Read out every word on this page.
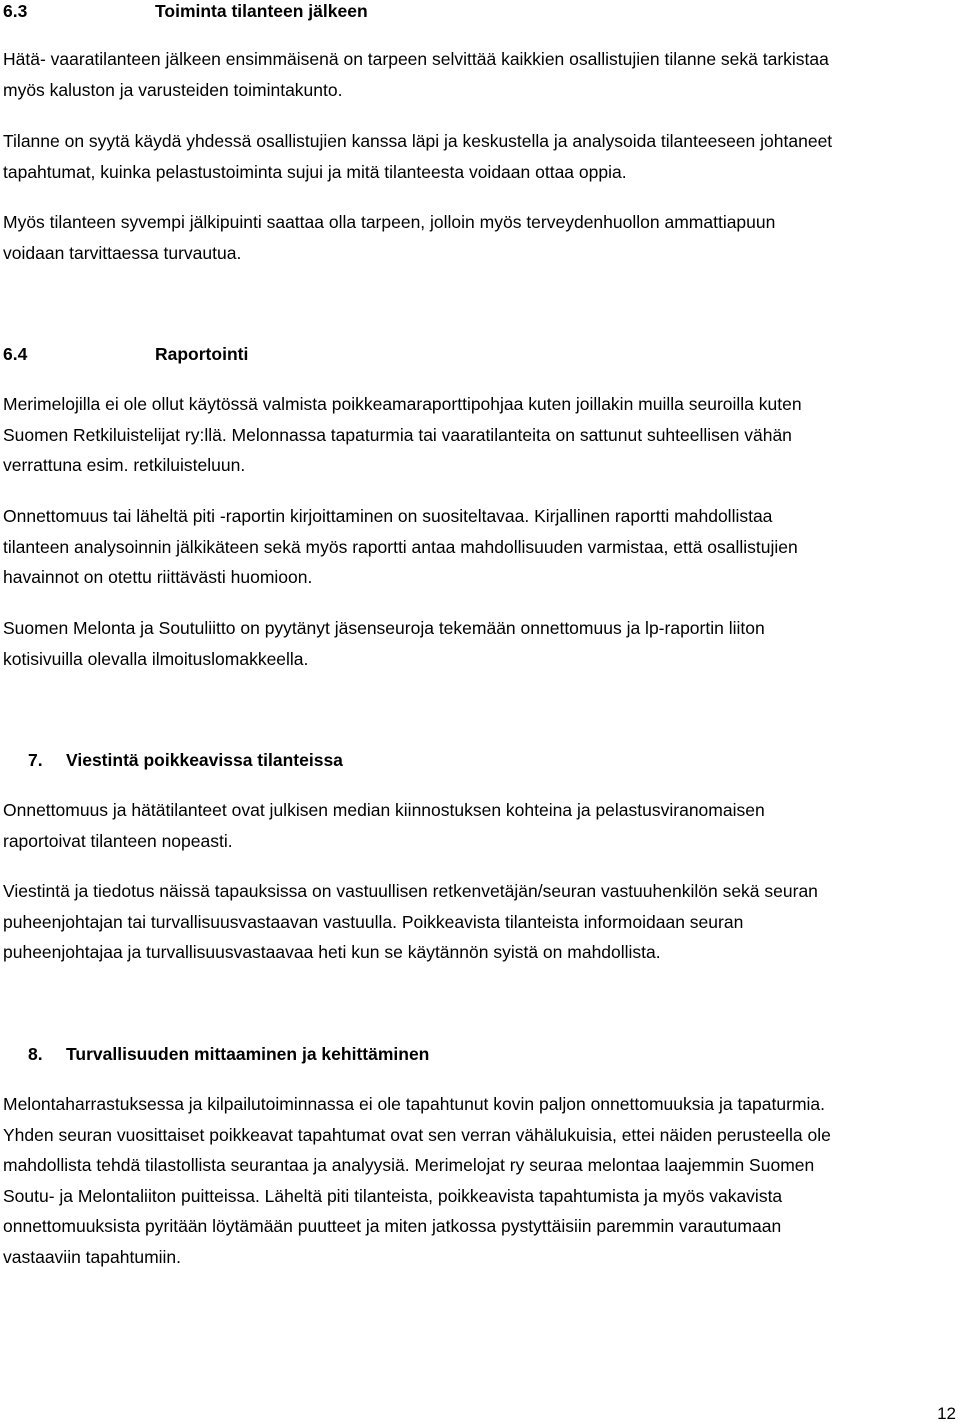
6.3	Toiminta tilanteen jälkeen
Hätä- vaaratilanteen jälkeen ensimmäisenä on tarpeen selvittää kaikkien osallistujien tilanne sekä tarkistaa
myös kaluston ja varusteiden toimintakunto.
Tilanne on syytä käydä yhdessä osallistujien kanssa läpi ja keskustella ja analysoida tilanteeseen johtaneet
tapahtumat, kuinka pelastustoiminta sujui ja mitä tilanteesta voidaan ottaa oppia.
Myös tilanteen syvempi jälkipuinti saattaa olla tarpeen, jolloin myös terveydenhuollon ammattiapuun
voidaan tarvittaessa turvautua.
6.4	Raportointi
Merimelojilla ei ole ollut käytössä valmista poikkeamaraporttipohjaa kuten joillakin muilla seuroilla kuten
Suomen Retkiluistelijat ry:llä. Melonnassa tapaturmia tai vaaratilanteita on sattunut suhteellisen vähän
verrattuna esim. retkiluisteluun.
Onnettomuus tai läheltä piti -raportin kirjoittaminen on suositeltavaa. Kirjallinen raportti mahdollistaa
tilanteen analysoinnin jälkikäteen sekä myös raportti antaa mahdollisuuden varmistaa, että osallistujien
havainnot on otettu riittävästi huomioon.
Suomen Melonta ja Soutuliitto on pyytänyt jäsenseuroja tekemään onnettomuus ja lp-raportin liiton
kotisivuilla olevalla ilmoituslomakkeella.
7. Viestintä poikkeavissa tilanteissa
Onnettomuus ja hätätilanteet ovat julkisen median kiinnostuksen kohteina ja pelastusviranomaisen
raportoivat tilanteen nopeasti.
Viestintä ja tiedotus näissä tapauksissa on vastuullisen retkenvetäjän/seuran vastuuhenkilön sekä seuran
puheenjohtajan tai turvallisuusvastaavan vastuulla. Poikkeavista tilanteista informoidaan seuran
puheenjohtajaa ja turvallisuusvastaavaa heti kun se käytännön syistä on mahdollista.
8. Turvallisuuden mittaaminen ja kehittäminen
Melontaharrastuksessa ja kilpailutoiminnassa ei ole tapahtunut kovin paljon onnettomuuksia ja tapaturmia.
Yhden seuran vuosittaiset poikkeavat tapahtumat ovat sen verran vähälukuisia, ettei näiden perusteella ole
mahdollista tehdä tilastollista seurantaa ja analyysiä. Merimelojat ry seuraa melontaa laajemmin Suomen
Soutu- ja Melontaliiton puitteissa. Läheltä piti tilanteista, poikkeavista tapahtumista ja myös vakavista
onnettomuuksista pyritään löytämään puutteet ja miten jatkossa pystyttäisiin paremmin varautumaan
vastaaviin tapahtumiin.
12
